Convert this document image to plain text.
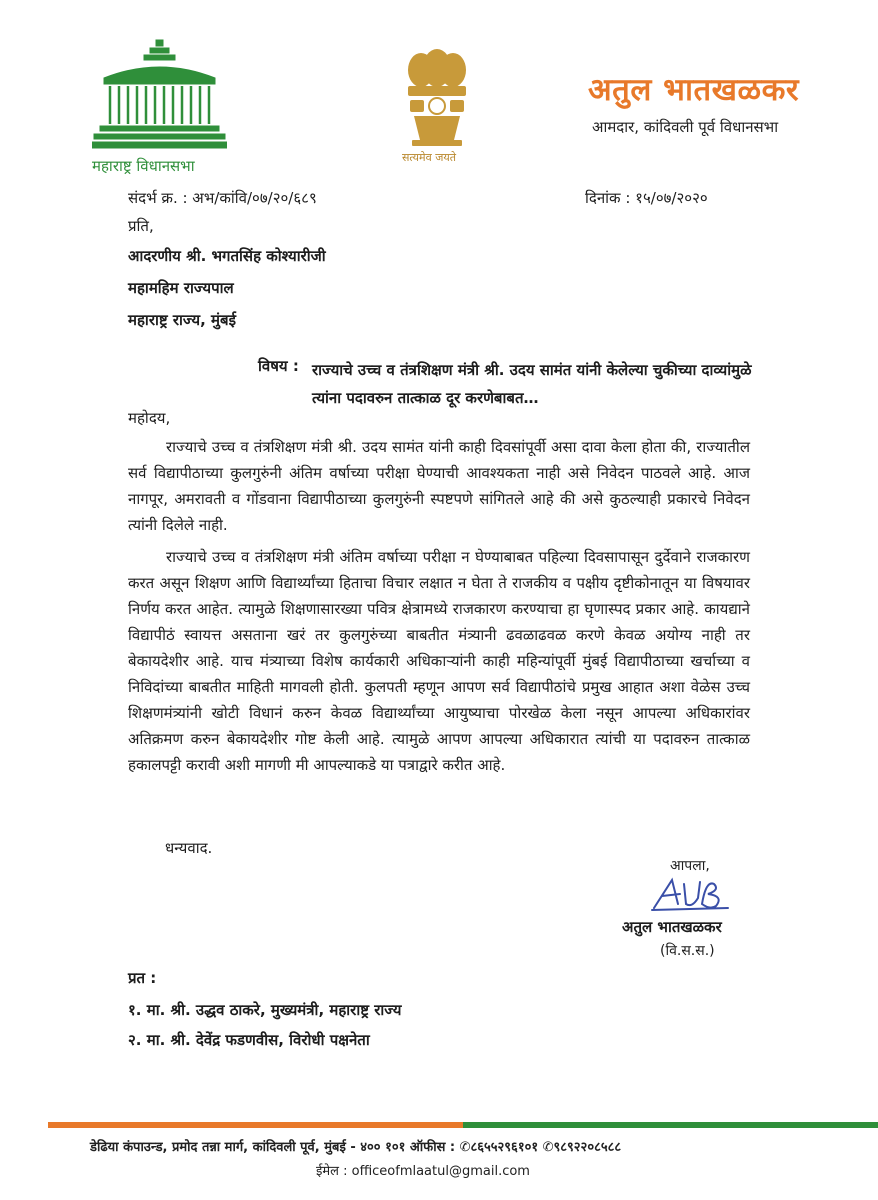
महाराष्ट्र विधानसभा	सत्यमेव जयते
अतुल भातखळकर
आमदार, कांदिवली पूर्व विधानसभा
संदर्भ क्र. : अभ/कांवि/०७/२०/६८९	दिनांक : १५/०७/२०२०
प्रति,
आदरणीय श्री. भगतसिंह कोश्यारीजी
महामहिम राज्यपाल
महाराष्ट्र राज्य, मुंबई
विषय : राज्याचे उच्च व तंत्रशिक्षण मंत्री श्री. उदय सामंत यांनी केलेल्या चुकीच्या दाव्यांमुळे त्यांना पदावरुन तात्काळ दूर करणेबाबत…
महोदय,

राज्याचे उच्च व तंत्रशिक्षण मंत्री श्री. उदय सामंत यांनी काही दिवसांपूर्वी असा दावा केला होता की, राज्यातील सर्व विद्यापीठाच्या कुलगुरुंनी अंतिम वर्षाच्या परीक्षा घेण्याची आवश्यकता नाही असे निवेदन पाठवले आहे. आज नागपूर, अमरावती व गोंडवाना विद्यापीठाच्या कुलगुरुंनी स्पष्टपणे सांगितले आहे की असे कुठल्याही प्रकारचे निवेदन त्यांनी दिलेले नाही.

राज्याचे उच्च व तंत्रशिक्षण मंत्री अंतिम वर्षाच्या परीक्षा न घेण्याबाबत पहिल्या दिवसापासून दुर्देवाने राजकारण करत असून शिक्षण आणि विद्यार्थ्यांच्या हिताचा विचार लक्षात न घेता ते राजकीय व पक्षीय दृष्टीकोनातून या विषयावर निर्णय करत आहेत. त्यामुळे शिक्षणासारख्या पवित्र क्षेत्रामध्ये राजकारण करण्याचा हा घृणास्पद प्रकार आहे. कायद्याने विद्यापीठं स्वायत्त असताना खरं तर कुलगुरुंच्या बाबतीत मंत्र्यानी ढवळाढवळ करणे केवळ अयोग्य नाही तर बेकायदेशीर आहे. याच मंत्र्याच्या विशेष कार्यकारी अधिकाऱ्यांनी काही महिन्यांपूर्वी मुंबई विद्यापीठाच्या खर्चाच्या व निविदांच्या बाबतीत माहिती मागवली होती. कुलपती म्हणून आपण सर्व विद्यापीठांचे प्रमुख आहात अशा वेळेस उच्च शिक्षणमंत्र्यांनी खोटी विधानं करुन केवळ विद्यार्थ्यांच्या आयुष्याचा पोरखेळ केला नसून आपल्या अधिकारांवर अतिक्रमण करुन बेकायदेशीर गोष्ट केली आहे. त्यामुळे आपण आपल्या अधिकारात त्यांची या पदावरुन तात्काळ हकालपट्टी करावी अशी मागणी मी आपल्याकडे या पत्राद्वारे करीत आहे.

धन्यवाद.
आपला,
अतुल भातखळकर
(वि.स.स.)
प्रत :
१. मा. श्री. उद्धव ठाकरे, मुख्यमंत्री, महाराष्ट्र राज्य
२. मा. श्री. देवेंद्र फडणवीस, विरोधी पक्षनेता
डेढिया कंपाउन्ड, प्रमोद तन्ना मार्ग, कांदिवली पूर्व, मुंबई - ४०० १०१ ऑफीस : ✆८६५५२९६१०१ ✆९८९२२०८५८८
ईमेल : officeofmlaatul@gmail.com
